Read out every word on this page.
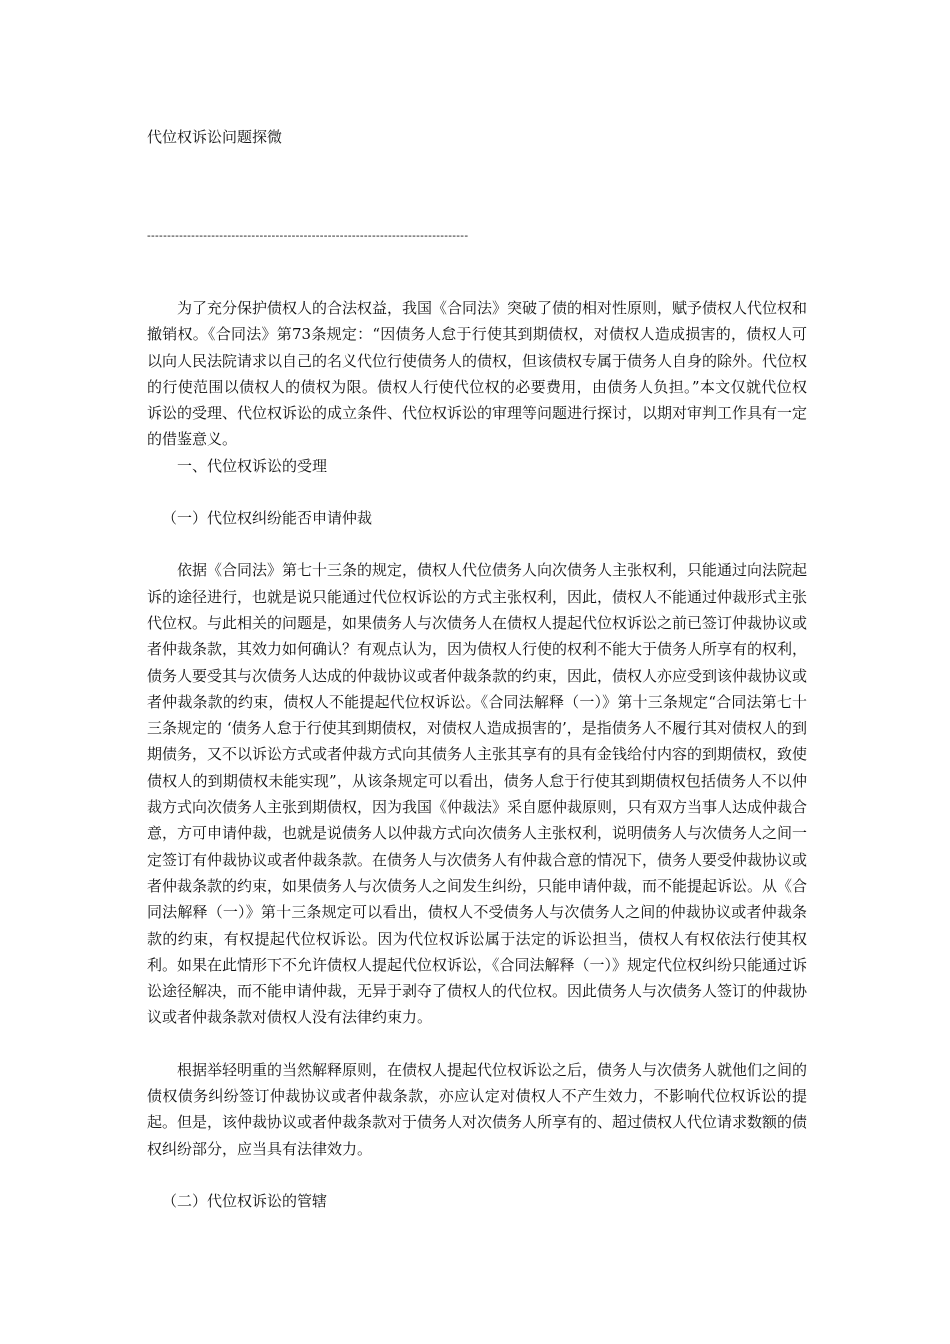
代位权诉讼问题探微
--------------------------------------------------------------------------------

为了充分保护债权人的合法权益，我国《合同法》突破了债的相对性原则，赋予债权人代位权和撤销权。《合同法》第73条规定：“因债务人怠于行使其到期债权，对债权人造成损害的，债权人可以向人民法院请求以自己的名义代位行使债务人的债权，但该债权专属于债务人自身的除外。代位权的行使范围以债权人的债权为限。债权人行使代位权的必要费用，由债务人负担。”本文仅就代位权诉讼的受理、代位权诉讼的成立条件、代位权诉讼的审理等问题进行探讨，以期对审判工作具有一定的借鉴意义。

一、代位权诉讼的受理

（一）代位权纠纷能否申请仲裁

依据《合同法》第七十三条的规定，债权人代位债务人向次债务人主张权利，只能通过向法院起诉的途径进行，也就是说只能通过代位权诉讼的方式主张权利，因此，债权人不能通过仲裁形式主张代位权。与此相关的问题是，如果债务人与次债务人在债权人提起代位权诉讼之前已签订仲裁协议或者仲裁条款，其效力如何确认？有观点认为，因为债权人行使的权利不能大于债务人所享有的权利，债务人要受其与次债务人达成的仲裁协议或者仲裁条款的约束，因此，债权人亦应受到该仲裁协议或者仲裁条款的约束，债权人不能提起代位权诉讼。《合同法解释（一）》第十三条规定“合同法第七十三条规定的 ‘债务人怠于行使其到期债权，对债权人造成损害的’，是指债务人不履行其对债权人的到期债务，又不以诉讼方式或者仲裁方式向其债务人主张其享有的具有金钱给付内容的到期债权，致使债权人的到期债权未能实现”，从该条规定可以看出，债务人怠于行使其到期债权包括债务人不以仲裁方式向次债务人主张到期债权，因为我国《仲裁法》采自愿仲裁原则，只有双方当事人达成仲裁合意，方可申请仲裁，也就是说债务人以仲裁方式向次债务人主张权利，说明债务人与次债务人之间一定签订有仲裁协议或者仲裁条款。在债务人与次债务人有仲裁合意的情况下，债务人要受仲裁协议或者仲裁条款的约束，如果债务人与次债务人之间发生纠纷，只能申请仲裁，而不能提起诉讼。从《合同法解释（一）》第十三条规定可以看出，债权人不受债务人与次债务人之间的仲裁协议或者仲裁条款的约束，有权提起代位权诉讼。因为代位权诉讼属于法定的诉讼担当，债权人有权依法行使其权利。如果在此情形下不允许债权人提起代位权诉讼，《合同法解释（一）》规定代位权纠纷只能通过诉讼途径解决，而不能申请仲裁，无异于剥夺了债权人的代位权。因此债务人与次债务人签订的仲裁协议或者仲裁条款对债权人没有法律约束力。

根据举轻明重的当然解释原则，在债权人提起代位权诉讼之后，债务人与次债务人就他们之间的债权债务纠纷签订仲裁协议或者仲裁条款，亦应认定对债权人不产生效力，不影响代位权诉讼的提起。但是，该仲裁协议或者仲裁条款对于债务人对次债务人所享有的、超过债权人代位请求数额的债权纠纷部分，应当具有法律效力。

（二）代位权诉讼的管辖
